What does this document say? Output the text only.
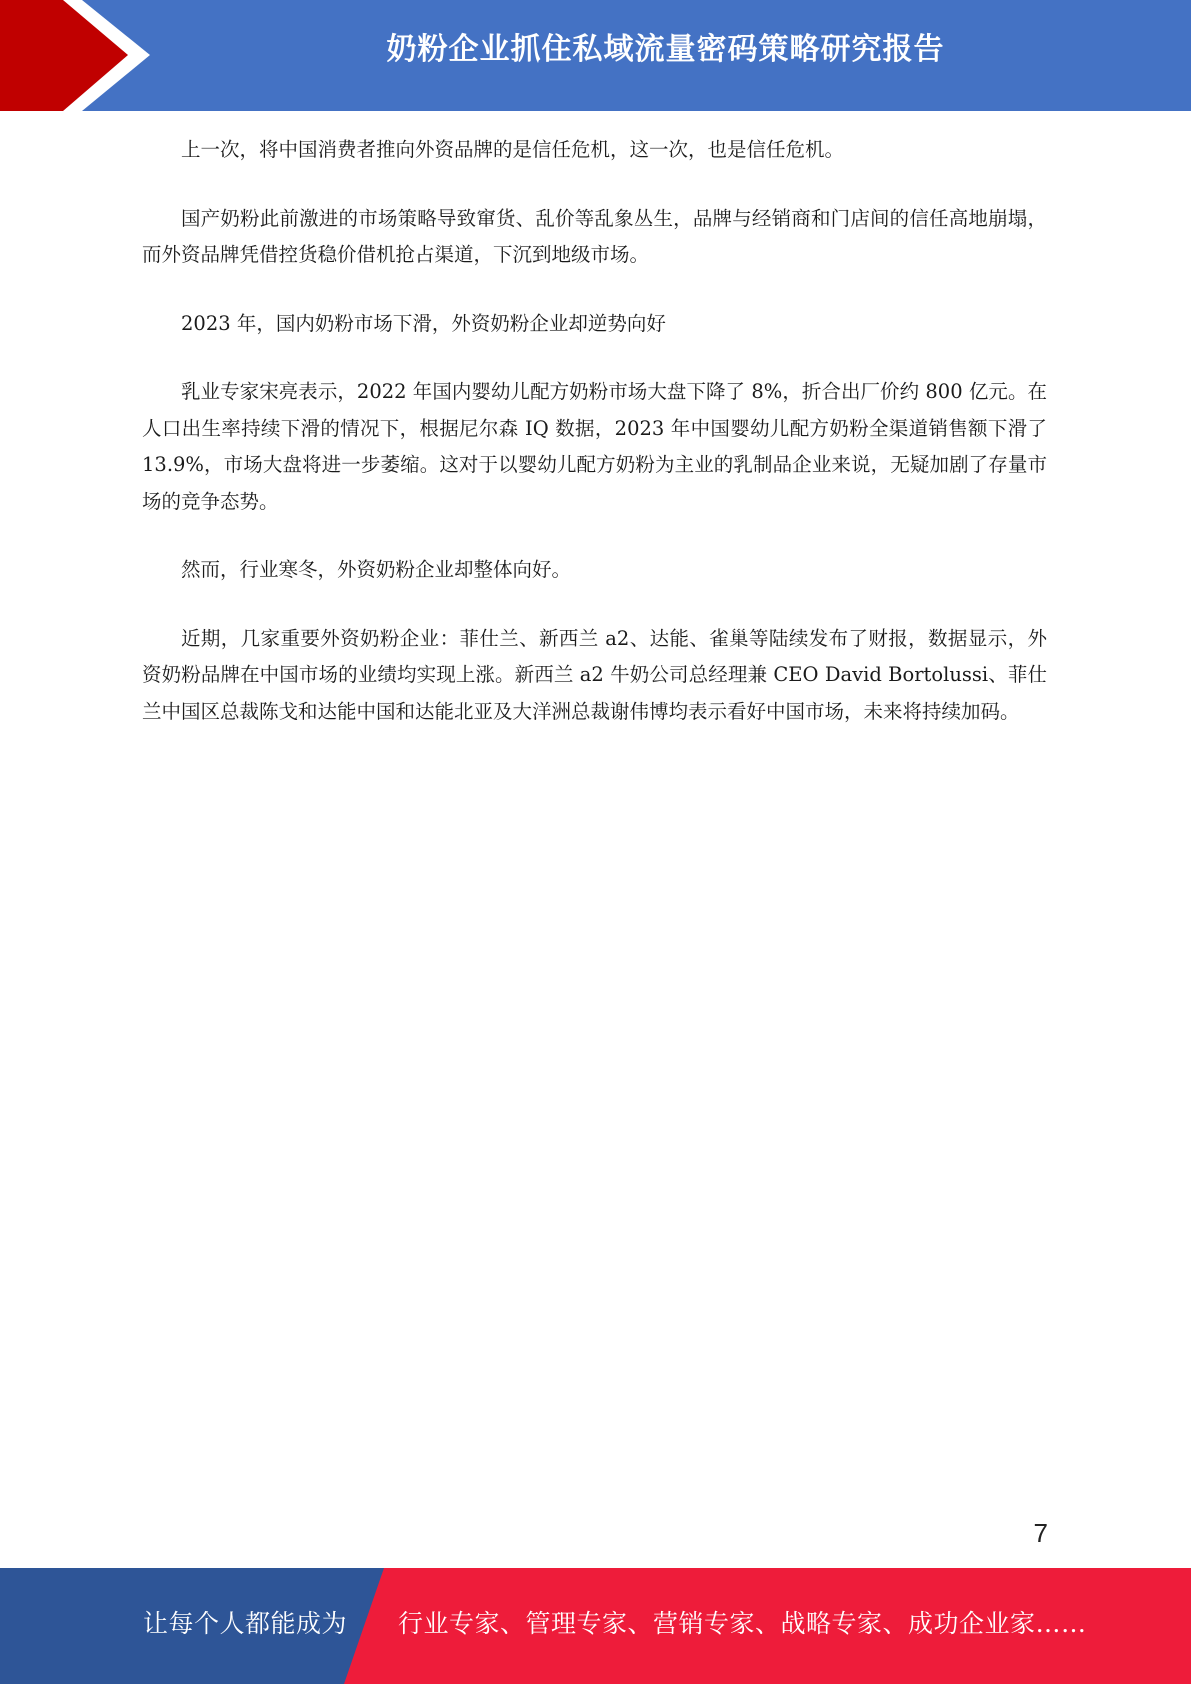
奶粉企业抓住私域流量密码策略研究报告

上一次，将中国消费者推向外资品牌的是信任危机，这一次，也是信任危机。

国产奶粉此前激进的市场策略导致窜货、乱价等乱象丛生，品牌与经销商和门店间的信任高地崩塌，而外资品牌凭借控货稳价借机抢占渠道，下沉到地级市场。

2023 年，国内奶粉市场下滑，外资奶粉企业却逆势向好

乳业专家宋亮表示，2022 年国内婴幼儿配方奶粉市场大盘下降了 8%，折合出厂价约 800 亿元。在人口出生率持续下滑的情况下，根据尼尔森 IQ 数据，2023 年中国婴幼儿配方奶粉全渠道销售额下滑了 13.9%，市场大盘将进一步萎缩。这对于以婴幼儿配方奶粉为主业的乳制品企业来说，无疑加剧了存量市场的竞争态势。

然而，行业寒冬，外资奶粉企业却整体向好。

近期，几家重要外资奶粉企业：菲仕兰、新西兰 a2、达能、雀巢等陆续发布了财报，数据显示，外资奶粉品牌在中国市场的业绩均实现上涨。新西兰 a2 牛奶公司总经理兼 CEO David Bortolussi、菲仕兰中国区总裁陈戈和达能中国和达能北亚及大洋洲总裁谢伟博均表示看好中国市场，未来将持续加码。

7
让每个人都能成为 行业专家、管理专家、营销专家、战略专家、成功企业家……
